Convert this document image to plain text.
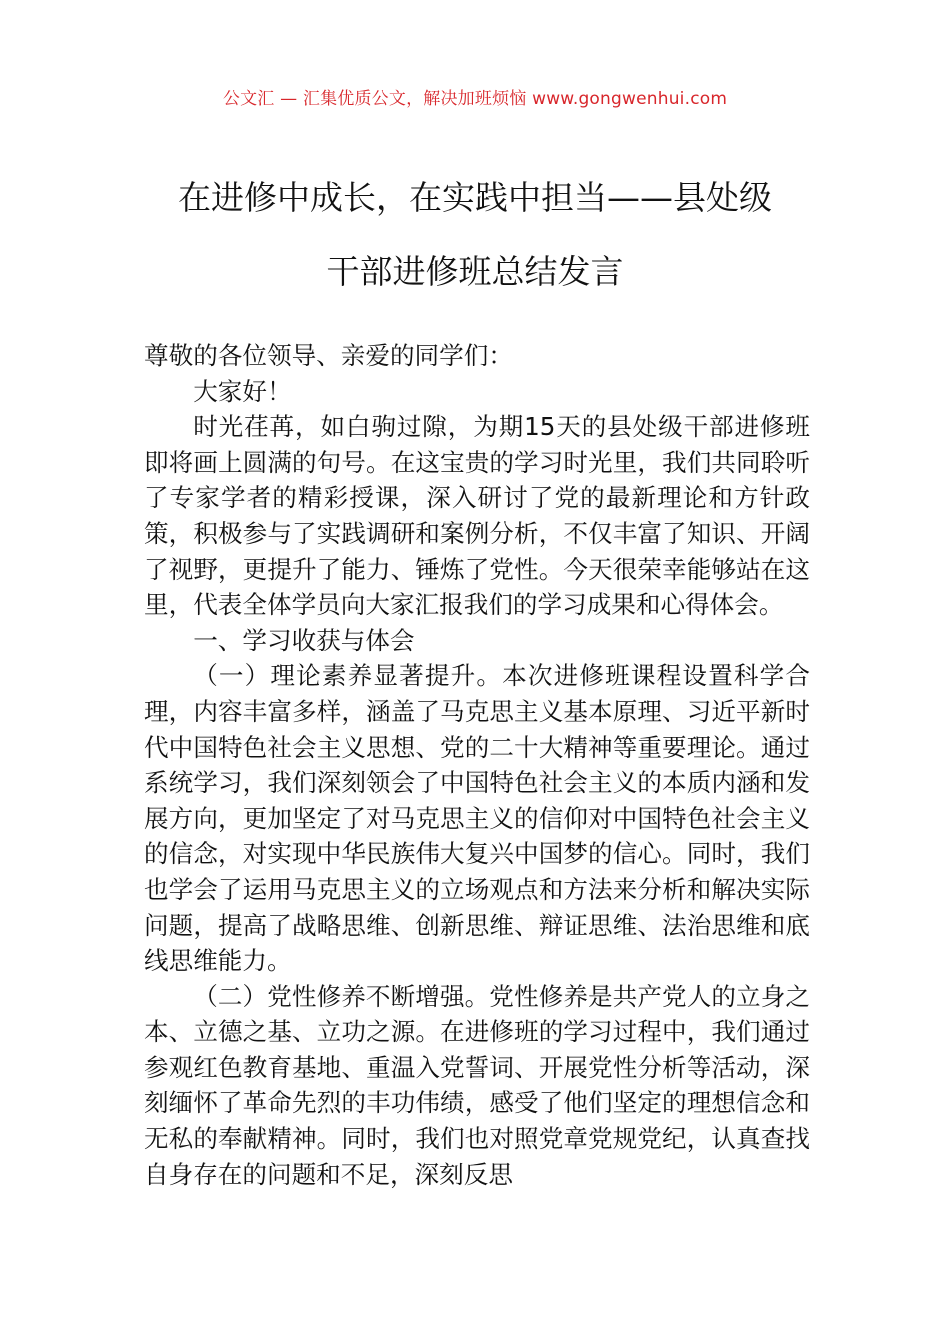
公文汇 — 汇集优质公文，解决加班烦恼 www.gongwenhui.com
在进修中成长，在实践中担当——县处级
干部进修班总结发言

尊敬的各位领导、亲爱的同学们：

大家好！

时光荏苒，如白驹过隙，为期15天的县处级干部进修班即将画上圆满的句号。在这宝贵的学习时光里，我们共同聆听了专家学者的精彩授课，深入研讨了党的最新理论和方针政策，积极参与了实践调研和案例分析，不仅丰富了知识、开阔了视野，更提升了能力、锤炼了党性。今天很荣幸能够站在这里，代表全体学员向大家汇报我们的学习成果和心得体会。

一、学习收获与体会

（一）理论素养显著提升。本次进修班课程设置科学合理，内容丰富多样，涵盖了马克思主义基本原理、习近平新时代中国特色社会主义思想、党的二十大精神等重要理论。通过系统学习，我们深刻领会了中国特色社会主义的本质内涵和发展方向，更加坚定了对马克思主义的信仰对中国特色社会主义的信念，对实现中华民族伟大复兴中国梦的信心。同时，我们也学会了运用马克思主义的立场观点和方法来分析和解决实际问题，提高了战略思维、创新思维、辩证思维、法治思维和底线思维能力。

（二）党性修养不断增强。党性修养是共产党人的立身之本、立德之基、立功之源。在进修班的学习过程中，我们通过参观红色教育基地、重温入党誓词、开展党性分析等活动，深刻缅怀了革命先烈的丰功伟绩，感受了他们坚定的理想信念和无私的奉献精神。同时，我们也对照党章党规党纪，认真查找自身存在的问题和不足，深刻反思
